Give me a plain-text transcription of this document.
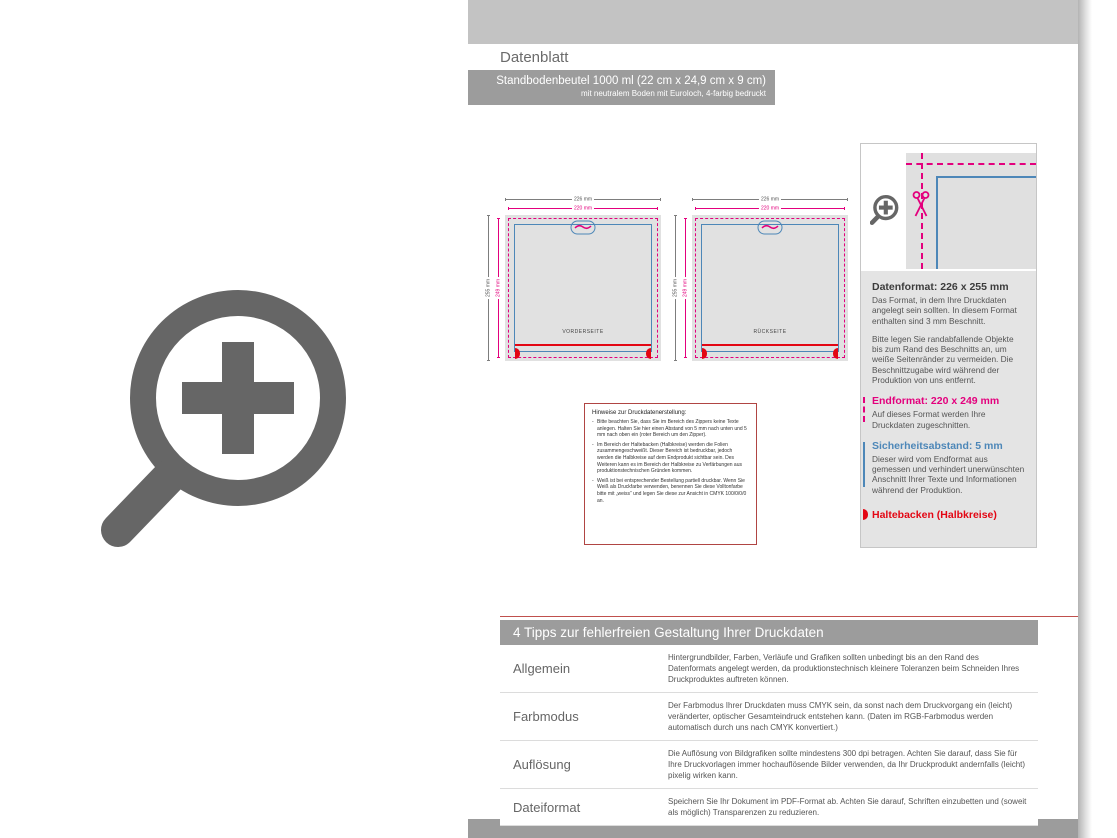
Datenblatt
Standbodenbeutel 1000 ml (22 cm x 24,9 cm x 9 cm)
mit neutralem Boden mit Euroloch, 4-farbig bedruckt
226 mm
220 mm
255 mm 249 mm
VORDERSEITE
226 mm
220 mm
255 mm 249 mm
RÜCKSEITE
Hinweise zur Druckdatenerstellung:
- Bitte beachten Sie, dass Sie im Bereich des Zippers keine Texte anlegen. Halten Sie hier einen Abstand von 5 mm nach unten und 5 mm nach oben ein (roter Bereich um den Zipper).
- Im Bereich der Haltebacken (Halbkreise) werden die Folien zusammengeschweißt. Dieser Bereich ist bedruckbar, jedoch werden die Halbkreise auf dem Endprodukt sichtbar sein. Des Weiteren kann es im Bereich der Halbkreise zu Verfärbungen aus produktionstechnischen Gründen kommen.
- Weiß ist bei entsprechender Bestellung partiell druckbar. Wenn Sie Weiß als Druckfarbe verwenden, benennen Sie diese Volltonfarbe bitte mit „weiss“ und legen Sie diese zur Ansicht in CMYK 100/0/0/0 an.
Datenformat: 226 x 255 mm

Das Format, in dem Ihre Druckdaten angelegt sein sollten. In diesem Format enthalten sind 3 mm Beschnitt.

Bitte legen Sie randabfallende Objekte bis zum Rand des Beschnitts an, um weiße Seitenränder zu vermeiden. Die Beschnittzugabe wird während der Produktion von uns entfernt.

Endformat: 220 x 249 mm

Auf dieses Format werden Ihre Druckdaten zugeschnitten.

Sicherheitsabstand: 5 mm

Dieser wird vom Endformat aus gemessen und verhindert unerwünschten Anschnitt Ihrer Texte und Informationen während der Produktion.

Haltebacken (Halbkreise)
4 Tipps zur fehlerfreien Gestaltung Ihrer Druckdaten
Allgemein
Hintergrundbilder, Farben, Verläufe und Grafiken sollten unbedingt bis an den Rand des Datenformats angelegt werden, da produktionstechnisch kleinere Toleranzen beim Schneiden Ihres Druckproduktes auftreten können.
Farbmodus
Der Farbmodus Ihrer Druckdaten muss CMYK sein, da sonst nach dem Druckvorgang ein (leicht) veränderter, optischer Gesamteindruck entstehen kann. (Daten im RGB-Farbmodus werden automatisch durch uns nach CMYK konvertiert.)
Auflösung
Die Auflösung von Bildgrafiken sollte mindestens 300 dpi betragen. Achten Sie darauf, dass Sie für Ihre Druckvorlagen immer hochauflösende Bilder verwenden, da Ihr Druckprodukt andernfalls (leicht) pixelig wirken kann.
Dateiformat	Speichern Sie Ihr Dokument im PDF-Format ab. Achten Sie darauf, Schriften einzubetten und (soweit als möglich) Transparenzen zu reduzieren.
